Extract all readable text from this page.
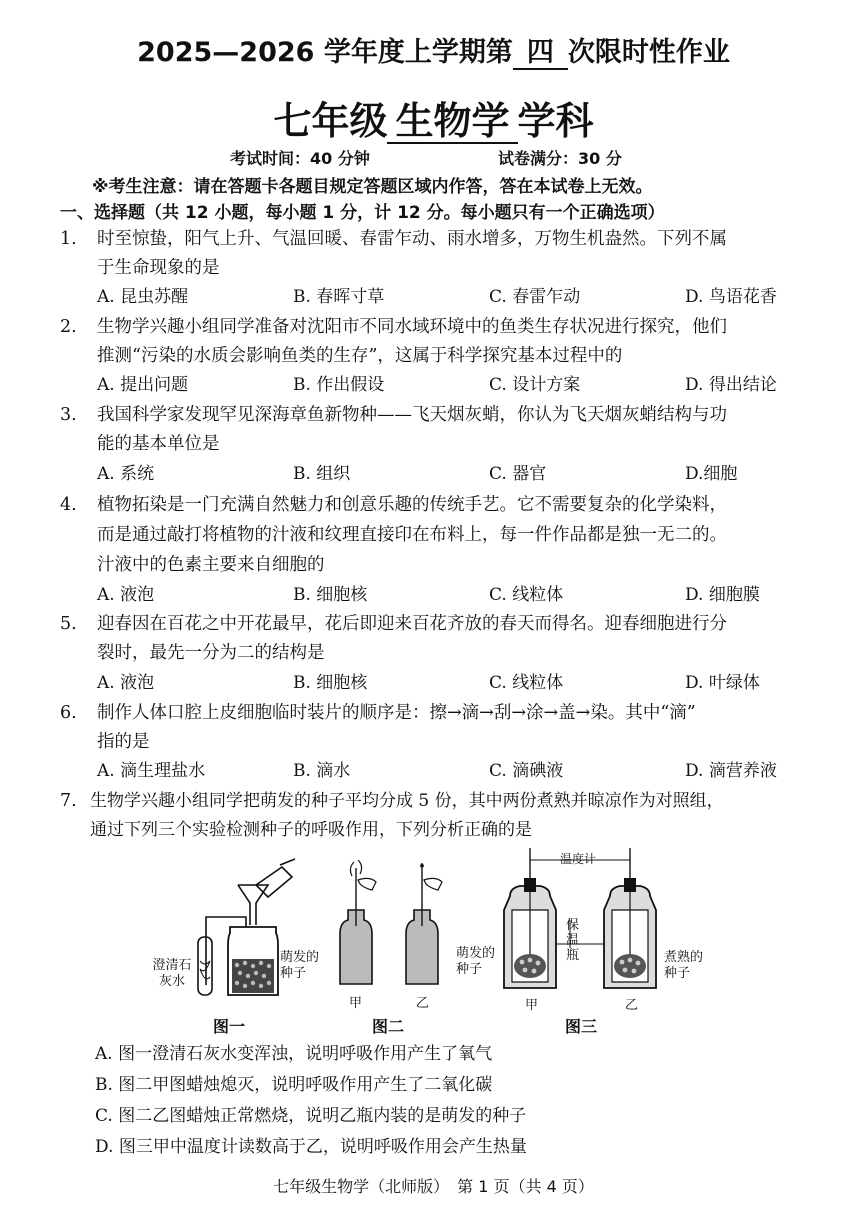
2025—2026 学年度上学期第 四 次限时性作业
七年级 生物学 学科
考试时间：40 分钟	试卷满分：30 分
※考生注意：请在答题卡各题目规定答题区域内作答，答在本试卷上无效。
一、选择题（共 12 小题，每小题 1 分，计 12 分。每小题只有一个正确选项）
1. 时至惊蛰，阳气上升、气温回暖、春雷乍动、雨水增多，万物生机盎然。下列不属
于生命现象的是
A. 昆虫苏醒	B. 春晖寸草	C. 春雷乍动	D. 鸟语花香
2. 生物学兴趣小组同学准备对沈阳市不同水域环境中的鱼类生存状况进行探究，他们
推测“污染的水质会影响鱼类的生存”，这属于科学探究基本过程中的
A. 提出问题	B. 作出假设	C. 设计方案	D. 得出结论
3. 我国科学家发现罕见深海章鱼新物种——飞天烟灰蛸，你认为飞天烟灰蛸结构与功
能的基本单位是
A. 系统	B. 组织	C. 器官	D.细胞
4. 植物拓染是一门充满自然魅力和创意乐趣的传统手艺。它不需要复杂的化学染料，
而是通过敲打将植物的汁液和纹理直接印在布料上，每一件作品都是独一无二的。
汁液中的色素主要来自细胞的
A. 液泡	B. 细胞核	C. 线粒体	D. 细胞膜
5. 迎春因在百花之中开花最早，花后即迎来百花齐放的春天而得名。迎春细胞进行分
裂时，最先一分为二的结构是
A. 液泡	B. 细胞核	C. 线粒体	D. 叶绿体
6. 制作人体口腔上皮细胞临时装片的顺序是：擦→滴→刮→涂→盖→染。其中“滴”
指的是
A. 滴生理盐水	B. 滴水	C. 滴碘液	D. 滴营养液
7. 生物学兴趣小组同学把萌发的种子平均分成 5 份，其中两份煮熟并晾凉作为对照组，
通过下列三个实验检测种子的呼吸作用，下列分析正确的是
澄清石灰水
萌发的种子
图一
甲	乙
图二
温度计
保温瓶
萌发的种子
煮熟的种子
甲	乙
图三
A. 图一澄清石灰水变浑浊，说明呼吸作用产生了氧气
B. 图二甲图蜡烛熄灭，说明呼吸作用产生了二氧化碳
C. 图二乙图蜡烛正常燃烧，说明乙瓶内装的是萌发的种子
D. 图三甲中温度计读数高于乙，说明呼吸作用会产生热量
七年级生物学（北师版）　第 1 页（共 4 页）
